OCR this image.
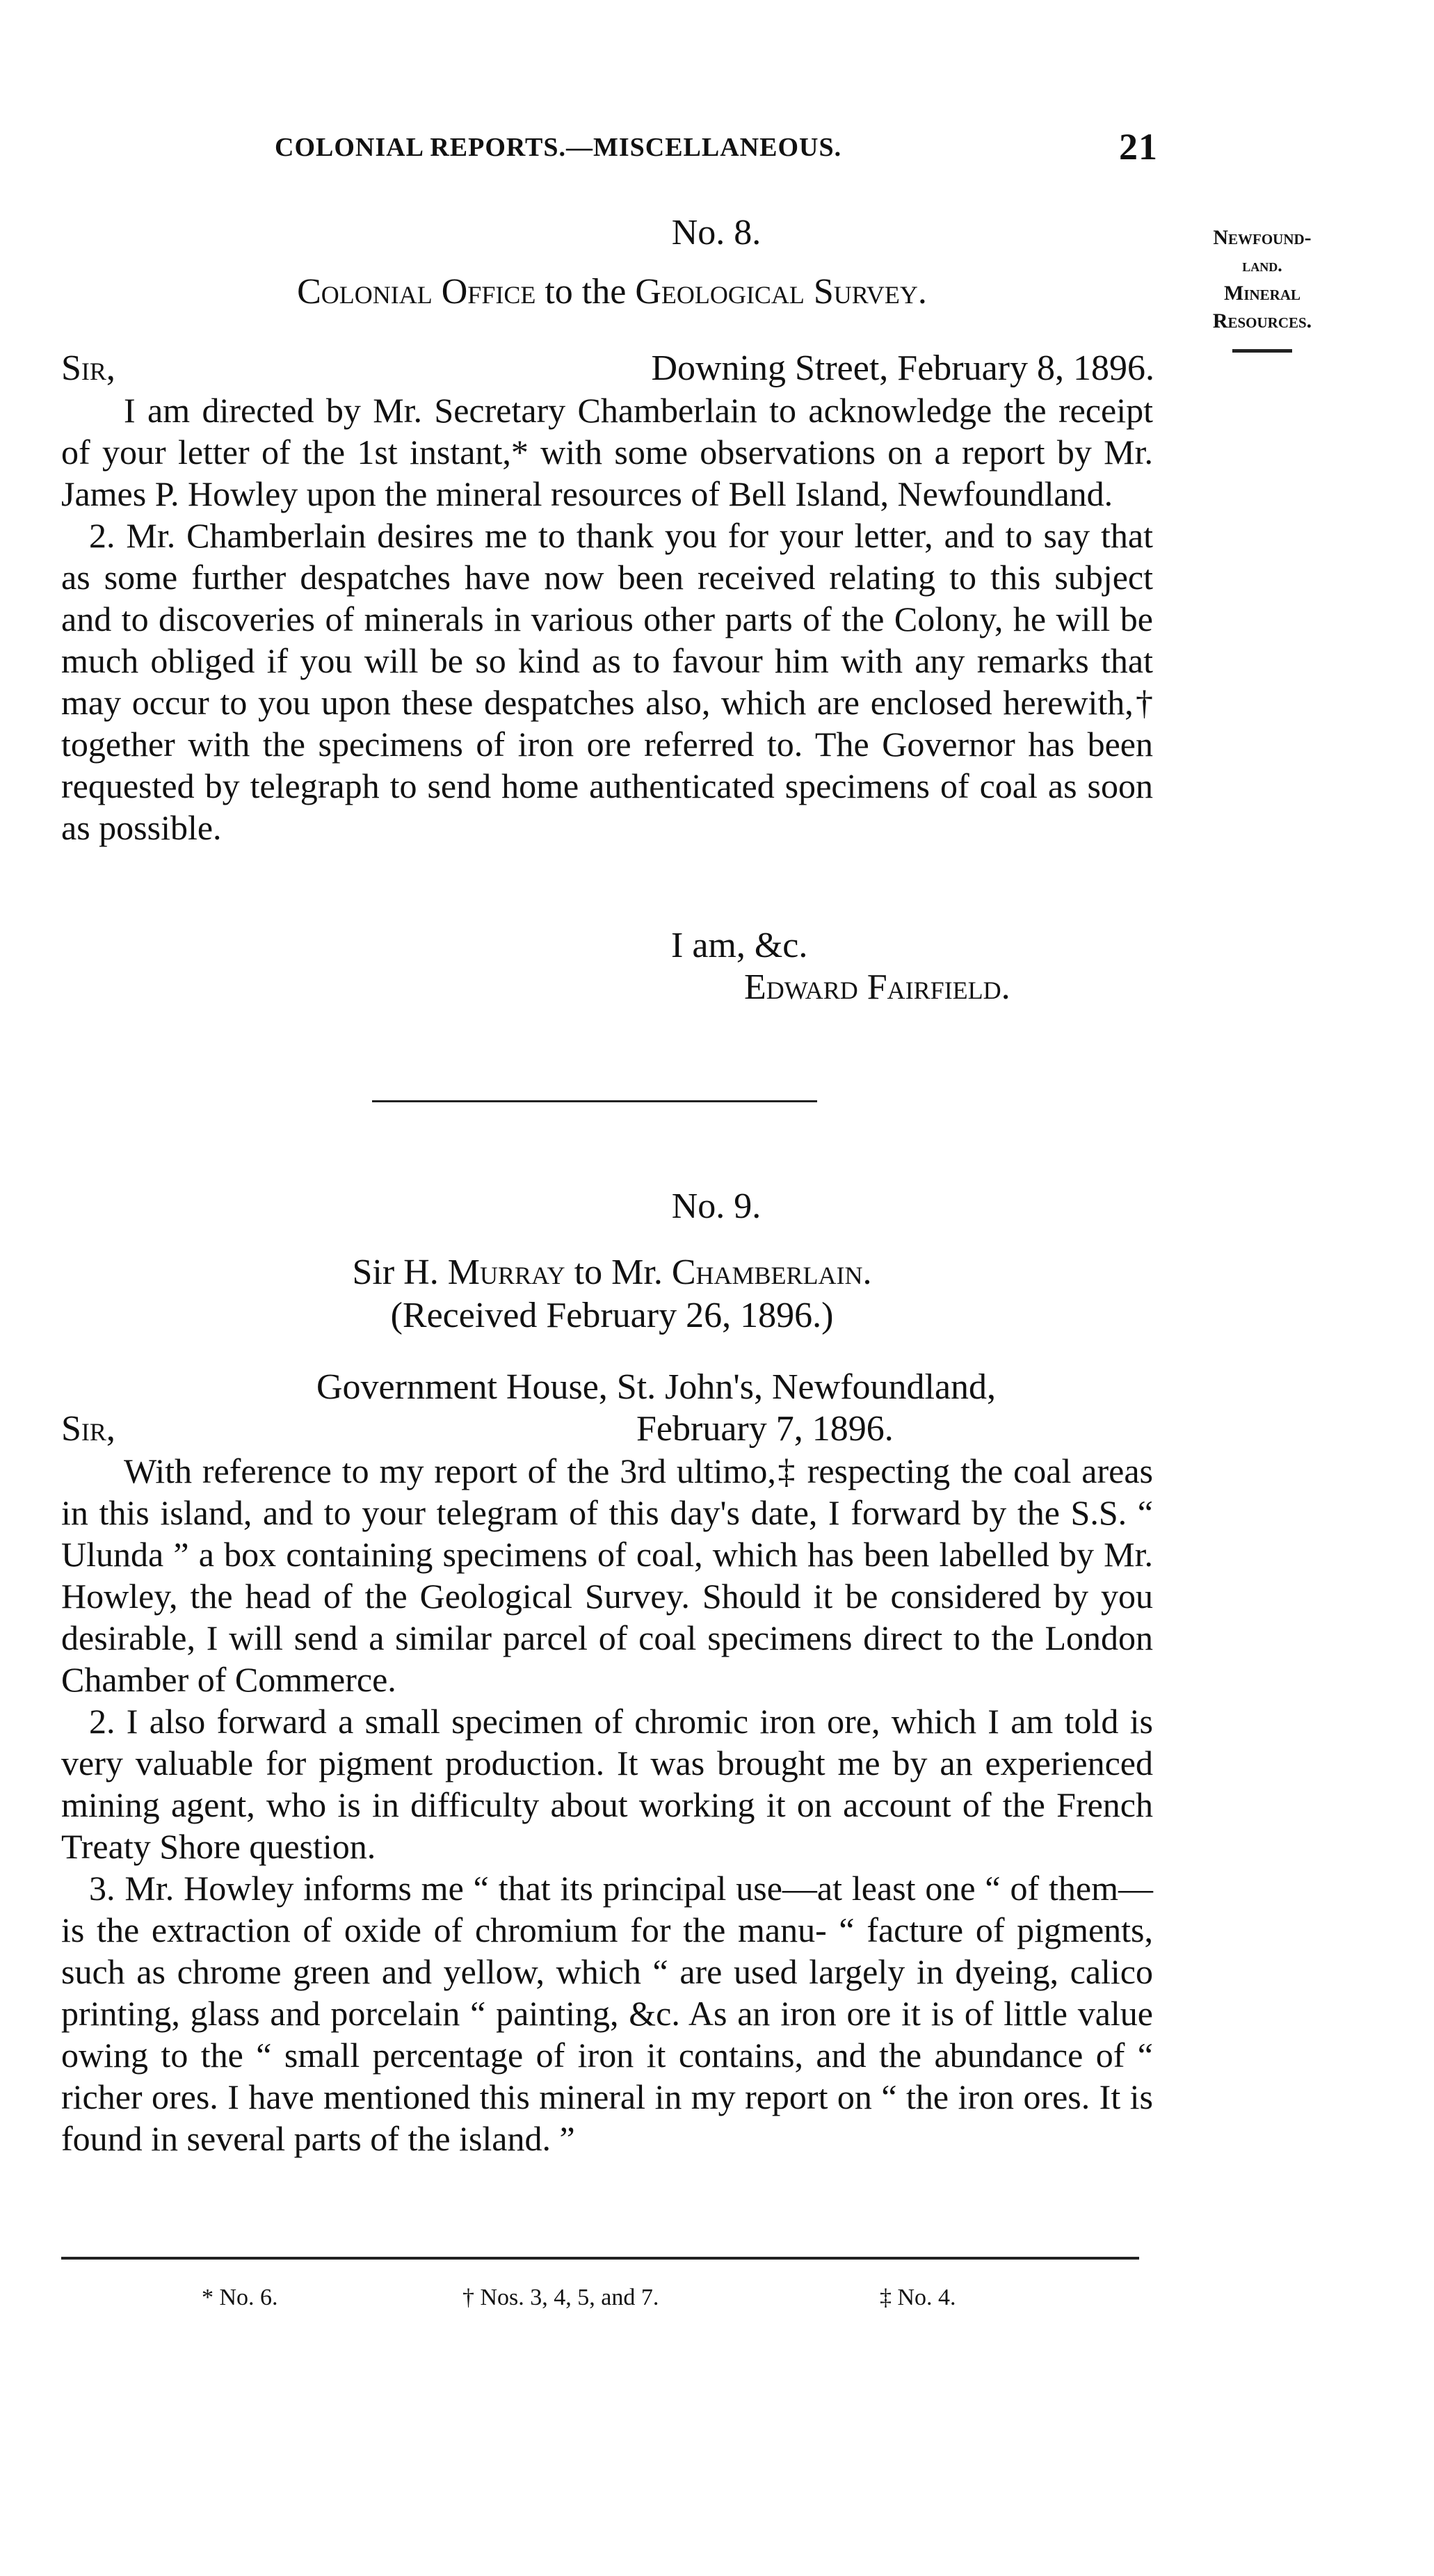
COLONIAL REPORTS.—MISCELLANEOUS.	21
Newfound-
land.
Mineral
Resources.
No. 8.
Colonial Office to the Geological Survey.
Sir,	Downing Street, February 8, 1896.

I am directed by Mr. Secretary Chamberlain to acknowledge the receipt of your letter of the 1st instant,* with some observations on a report by Mr. James P. Howley upon the mineral resources of Bell Island, Newfoundland.

2. Mr. Chamberlain desires me to thank you for your letter, and to say that as some further despatches have now been received relating to this subject and to discoveries of minerals in various other parts of the Colony, he will be much obliged if you will be so kind as to favour him with any remarks that may occur to you upon these despatches also, which are enclosed herewith,† together with the specimens of iron ore referred to. The Governor has been requested by telegraph to send home authenticated specimens of coal as soon as possible.

I am, &c.
Edward Fairfield.
No. 9.
Sir H. Murray to Mr. Chamberlain.
(Received February 26, 1896.)
Government House, St. John's, Newfoundland,
Sir,	February 7, 1896.

With reference to my report of the 3rd ultimo,‡ respecting the coal areas in this island, and to your telegram of this day's date, I forward by the S.S. “ Ulunda ” a box containing specimens of coal, which has been labelled by Mr. Howley, the head of the Geological Survey. Should it be considered by you desirable, I will send a similar parcel of coal specimens direct to the London Chamber of Commerce.

2. I also forward a small specimen of chromic iron ore, which I am told is very valuable for pigment production. It was brought me by an experienced mining agent, who is in difficulty about working it on account of the French Treaty Shore question.

3. Mr. Howley informs me “ that its principal use—at least one “ of them—is the extraction of oxide of chromium for the manu- “ facture of pigments, such as chrome green and yellow, which “ are used largely in dyeing, calico printing, glass and porcelain “ painting, &c. As an iron ore it is of little value owing to the “ small percentage of iron it contains, and the abundance of “ richer ores. I have mentioned this mineral in my report on “ the iron ores. It is found in several parts of the island. ”

* No. 6.	† Nos. 3, 4, 5, and 7.	‡ No. 4.
